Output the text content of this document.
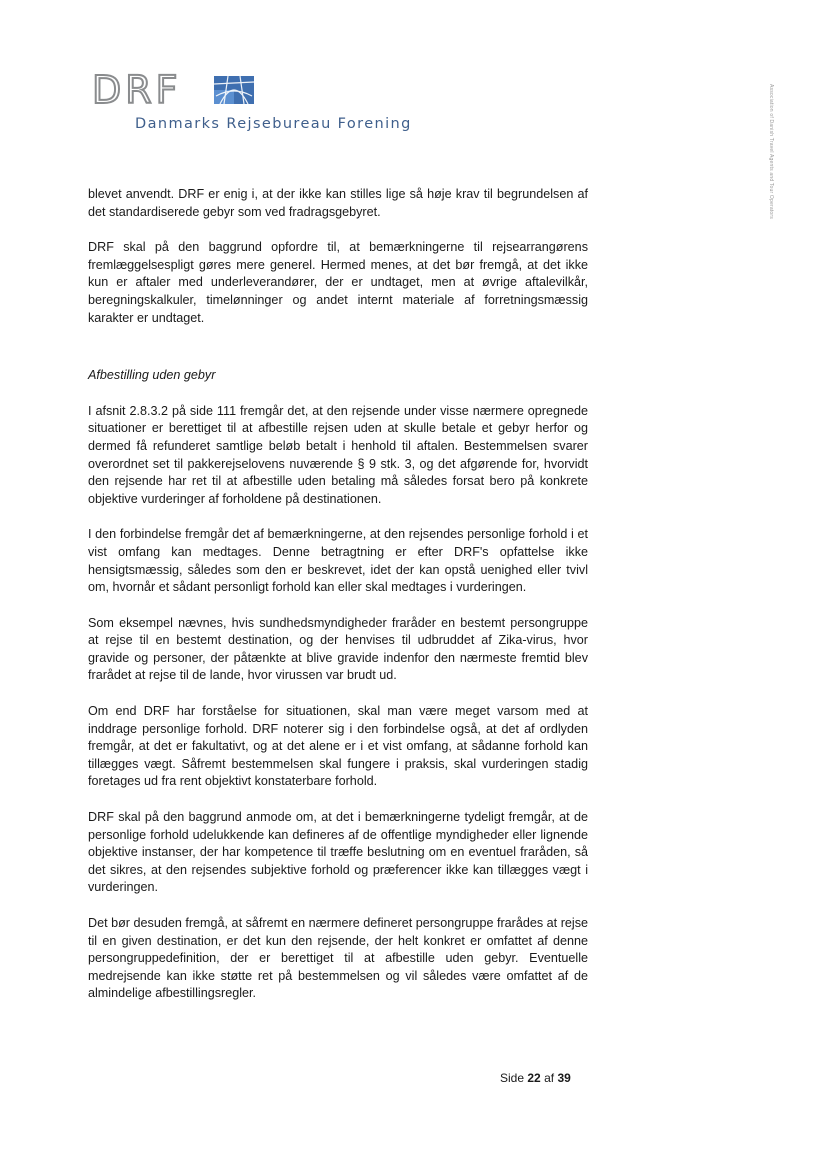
DRF
Danmarks Rejsebureau Forening	Association of Danish Travel Agents and Tour Operators

blevet anvendt. DRF er enig i, at der ikke kan stilles lige så høje krav til begrundelsen af det standardiserede gebyr som ved fradragsgebyret.

DRF skal på den baggrund opfordre til, at bemærkningerne til rejsearrangørens fremlæggelsespligt gøres mere generel. Hermed menes, at det bør fremgå, at det ikke kun er aftaler med underleverandører, der er undtaget, men at øvrige aftalevilkår, beregningskalkuler, timelønninger og andet internt materiale af forretningsmæssig karakter er undtaget.

Afbestilling uden gebyr

I afsnit 2.8.3.2 på side 111 fremgår det, at den rejsende under visse nærmere opregnede situationer er berettiget til at afbestille rejsen uden at skulle betale et gebyr herfor og dermed få refunderet samtlige beløb betalt i henhold til aftalen. Bestemmelsen svarer overordnet set til pakkerejselovens nuværende § 9 stk. 3, og det afgørende for, hvorvidt den rejsende har ret til at afbestille uden betaling må således forsat bero på konkrete objektive vurderinger af forholdene på destinationen.

I den forbindelse fremgår det af bemærkningerne, at den rejsendes personlige forhold i et vist omfang kan medtages. Denne betragtning er efter DRF's opfattelse ikke hensigtsmæssig, således som den er beskrevet, idet der kan opstå uenighed eller tvivl om, hvornår et sådant personligt forhold kan eller skal medtages i vurderingen.

Som eksempel nævnes, hvis sundhedsmyndigheder fraråder en bestemt persongruppe at rejse til en bestemt destination, og der henvises til udbruddet af Zika-virus, hvor gravide og personer, der påtænkte at blive gravide indenfor den nærmeste fremtid blev frarådet at rejse til de lande, hvor virussen var brudt ud.

Om end DRF har forståelse for situationen, skal man være meget varsom med at inddrage personlige forhold. DRF noterer sig i den forbindelse også, at det af ordlyden fremgår, at det er fakultativt, og at det alene er i et vist omfang, at sådanne forhold kan tillægges vægt. Såfremt bestemmelsen skal fungere i praksis, skal vurderingen stadig foretages ud fra rent objektivt konstaterbare forhold.

DRF skal på den baggrund anmode om, at det i bemærkningerne tydeligt fremgår, at de personlige forhold udelukkende kan defineres af de offentlige myndigheder eller lignende objektive instanser, der har kompetence til træffe beslutning om en eventuel fraråden, så det sikres, at den rejsendes subjektive forhold og præferencer ikke kan tillægges vægt i vurderingen.

Det bør desuden fremgå, at såfremt en nærmere defineret persongruppe frarådes at rejse til en given destination, er det kun den rejsende, der helt konkret er omfattet af denne persongruppedefinition, der er berettiget til at afbestille uden gebyr. Eventuelle medrejsende kan ikke støtte ret på bestemmelsen og vil således være omfattet af de almindelige afbestillingsregler.

Side 22 af 39
